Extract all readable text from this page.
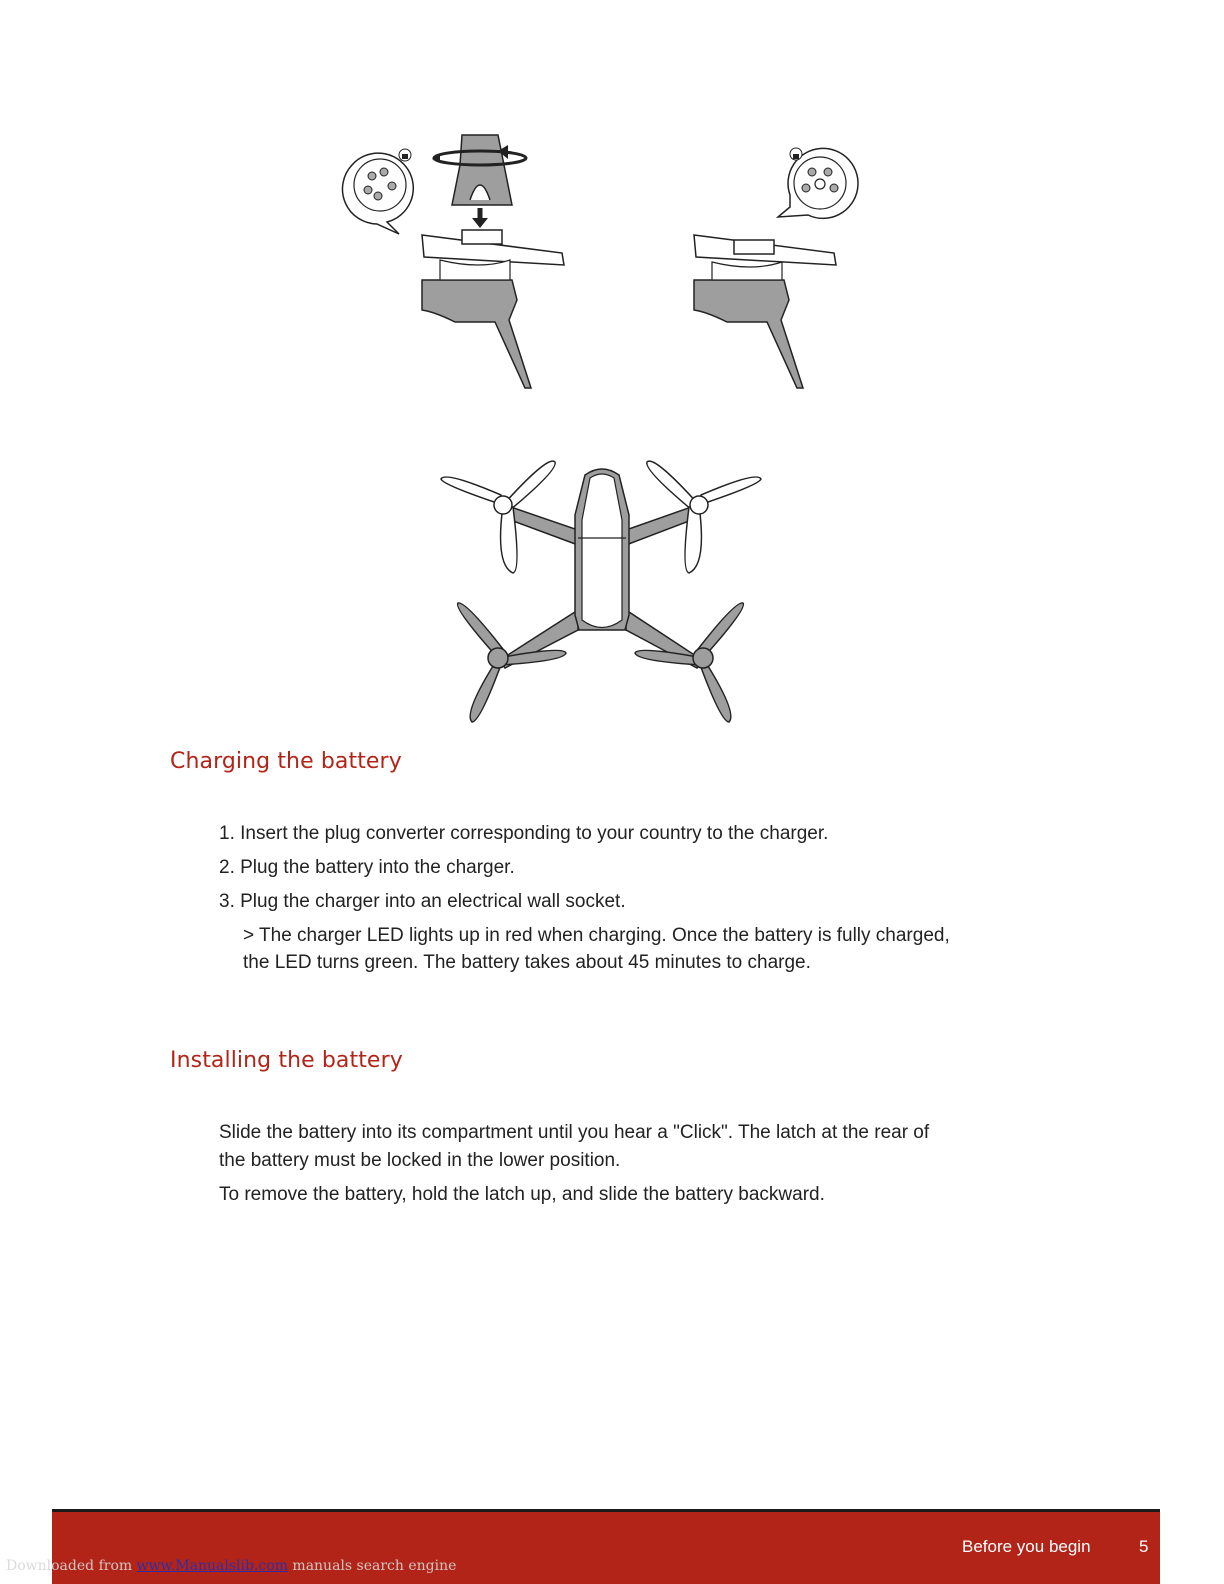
Charging the battery
1. Insert the plug converter corresponding to your country to the charger.
2. Plug the battery into the charger.
3. Plug the charger into an electrical wall socket.
> The charger LED lights up in red when charging. Once the battery is fully charged,
the LED turns green. The battery takes about 45 minutes to charge.
Installing the battery
Slide the battery into its compartment until you hear a "Click". The latch at the rear of
the battery must be locked in the lower position.
To remove the battery, hold the latch up, and slide the battery backward.
Before you begin	5
Downloaded from www.Manualslib.com manuals search engine
